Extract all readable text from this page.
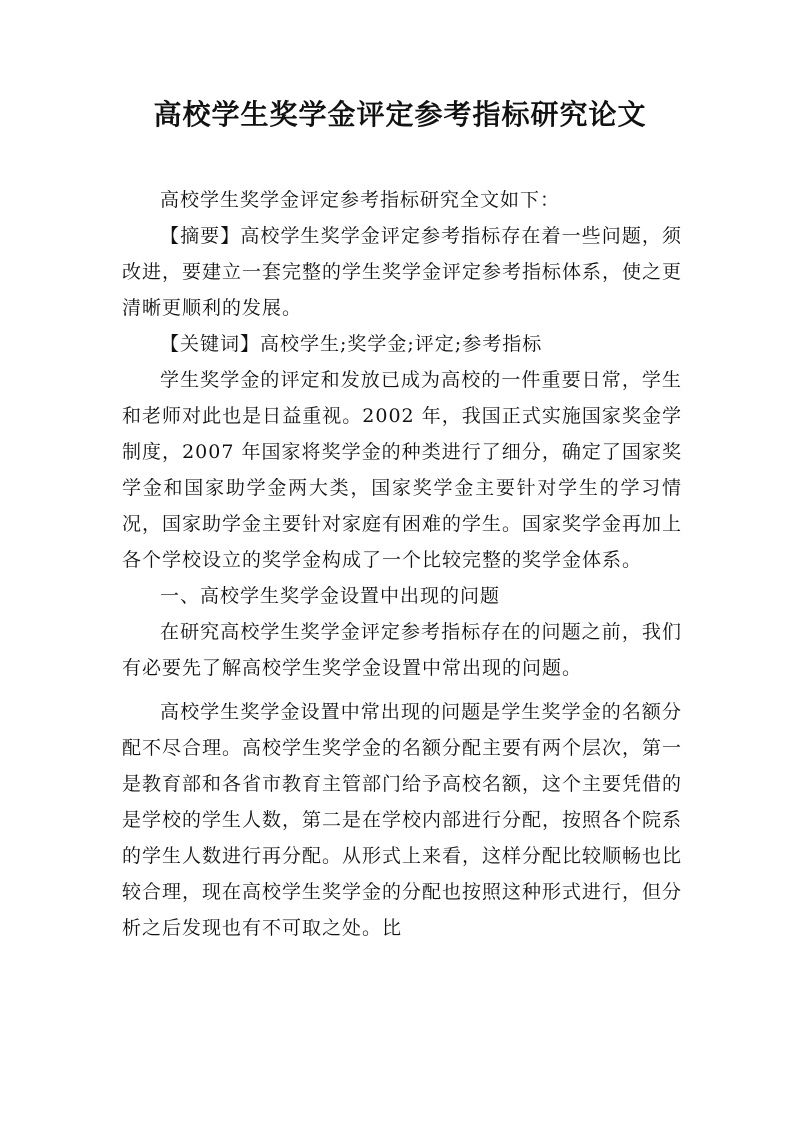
高校学生奖学金评定参考指标研究论文

高校学生奖学金评定参考指标研究全文如下：

【摘要】高校学生奖学金评定参考指标存在着一些问题，须改进，要建立一套完整的学生奖学金评定参考指标体系，使之更清晰更顺利的发展。

【关键词】高校学生;奖学金;评定;参考指标

学生奖学金的评定和发放已成为高校的一件重要日常，学生和老师对此也是日益重视。2002 年，我国正式实施国家奖金学制度，2007 年国家将奖学金的种类进行了细分，确定了国家奖学金和国家助学金两大类，国家奖学金主要针对学生的学习情况，国家助学金主要针对家庭有困难的学生。国家奖学金再加上各个学校设立的奖学金构成了一个比较完整的奖学金体系。

一、高校学生奖学金设置中出现的问题

在研究高校学生奖学金评定参考指标存在的问题之前，我们有必要先了解高校学生奖学金设置中常出现的问题。

高校学生奖学金设置中常出现的问题是学生奖学金的名额分配不尽合理。高校学生奖学金的名额分配主要有两个层次，第一是教育部和各省市教育主管部门给予高校名额，这个主要凭借的是学校的学生人数，第二是在学校内部进行分配，按照各个院系的学生人数进行再分配。从形式上来看，这样分配比较顺畅也比较合理，现在高校学生奖学金的分配也按照这种形式进行，但分析之后发现也有不可取之处。比
